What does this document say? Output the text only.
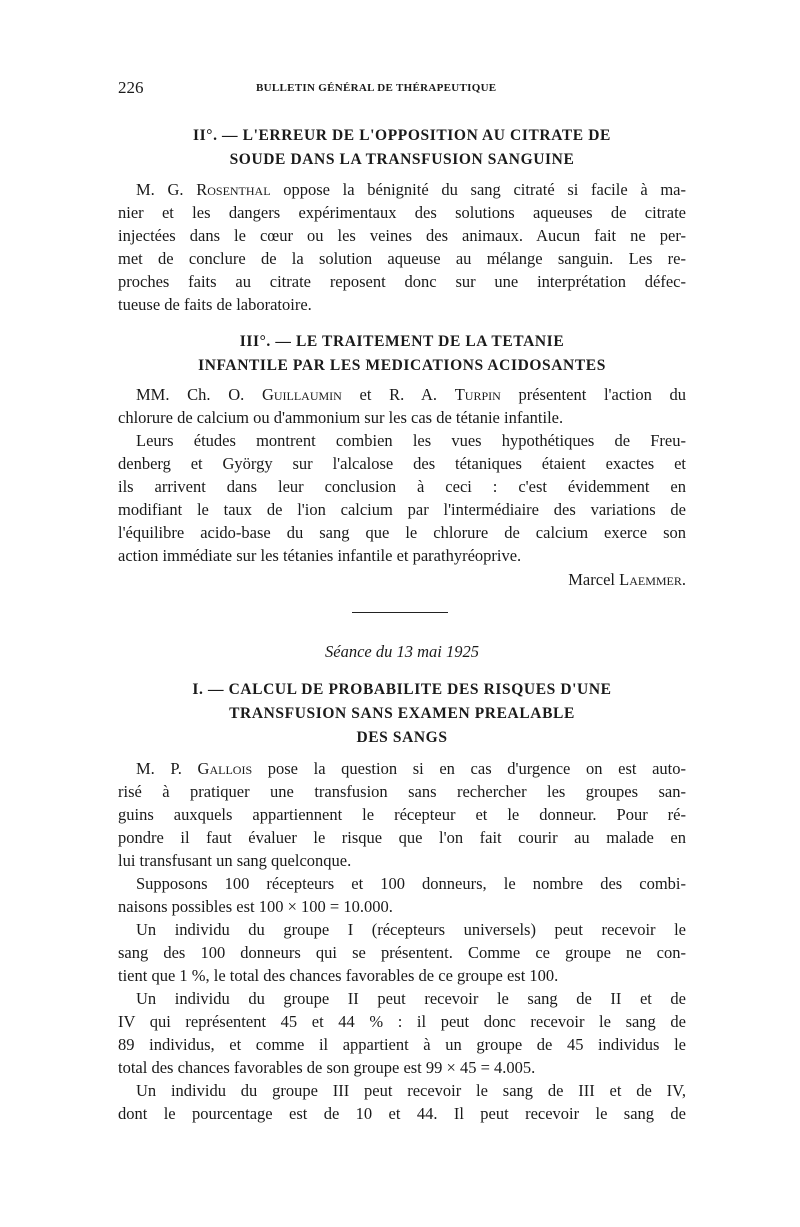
226	BULLETIN GÉNÉRAL DE THÉRAPEUTIQUE
II°. — L'ERREUR DE L'OPPOSITION AU CITRATE DE
SOUDE DANS LA TRANSFUSION SANGUINE
M. G. Rosenthal oppose la bénignité du sang citraté si facile à ma-
nier et les dangers expérimentaux des solutions aqueuses de citrate
injectées dans le cœur ou les veines des animaux. Aucun fait ne per-
met de conclure de la solution aqueuse au mélange sanguin. Les re-
proches faits au citrate reposent donc sur une interprétation défec-
tueuse de faits de laboratoire.
III°. — LE TRAITEMENT DE LA TETANIE
INFANTILE PAR LES MEDICATIONS ACIDOSANTES
MM. Ch. O. Guillaumin et R. A. Turpin présentent l'action du
chlorure de calcium ou d'ammonium sur les cas de tétanie infantile.
Leurs études montrent combien les vues hypothétiques de Freu-
denberg et György sur l'alcalose des tétaniques étaient exactes et
ils arrivent dans leur conclusion à ceci : c'est évidemment en
modifiant le taux de l'ion calcium par l'intermédiaire des variations de
l'équilibre acido-base du sang que le chlorure de calcium exerce son
action immédiate sur les tétanies infantile et parathyréoprive.
Marcel Laemmer.
Séance du 13 mai 1925
I. — CALCUL DE PROBABILITE DES RISQUES D'UNE
TRANSFUSION SANS EXAMEN PREALABLE
DES SANGS
M. P. Gallois pose la question si en cas d'urgence on est auto-
risé à pratiquer une transfusion sans rechercher les groupes san-
guins auxquels appartiennent le récepteur et le donneur. Pour ré-
pondre il faut évaluer le risque que l'on fait courir au malade en
lui transfusant un sang quelconque.
Supposons 100 récepteurs et 100 donneurs, le nombre des combi-
naisons possibles est 100 × 100 = 10.000.
Un individu du groupe I (récepteurs universels) peut recevoir le
sang des 100 donneurs qui se présentent. Comme ce groupe ne con-
tient que 1 %, le total des chances favorables de ce groupe est 100.
Un individu du groupe II peut recevoir le sang de II et de
IV qui représentent 45 et 44 % : il peut donc recevoir le sang de
89 individus, et comme il appartient à un groupe de 45 individus le
total des chances favorables de son groupe est 99 × 45 = 4.005.
Un individu du groupe III peut recevoir le sang de III et de IV,
dont le pourcentage est de 10 et 44. Il peut recevoir le sang de
